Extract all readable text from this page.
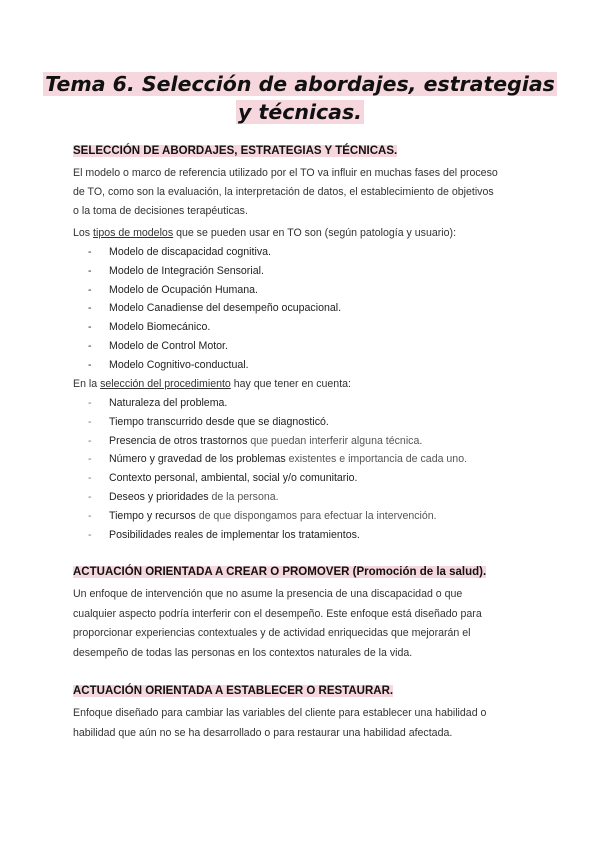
Tema 6. Selección de abordajes, estrategias
y técnicas.
SELECCIÓN DE ABORDAJES, ESTRATEGIAS Y TÉCNICAS.
El modelo o marco de referencia utilizado por el TO va influir en muchas fases del proceso
de TO, como son la evaluación, la interpretación de datos, el establecimiento de objetivos
o la toma de decisiones terapéuticas.
Los tipos de modelos que se pueden usar en TO son (según patología y usuario):
- Modelo de discapacidad cognitiva.
- Modelo de Integración Sensorial.
- Modelo de Ocupación Humana.
- Modelo Canadiense del desempeño ocupacional.
- Modelo Biomecánico.
- Modelo de Control Motor.
- Modelo Cognitivo-conductual.
En la selección del procedimiento hay que tener en cuenta:
- Naturaleza del problema.
- Tiempo transcurrido desde que se diagnosticó.
- Presencia de otros trastornos que puedan interferir alguna técnica.
- Número y gravedad de los problemas existentes e importancia de cada uno.
- Contexto personal, ambiental, social y/o comunitario.
- Deseos y prioridades de la persona.
- Tiempo y recursos de que dispongamos para efectuar la intervención.
- Posibilidades reales de implementar los tratamientos.
ACTUACIÓN ORIENTADA A CREAR O PROMOVER (Promoción de la salud).
Un enfoque de intervención que no asume la presencia de una discapacidad o que
cualquier aspecto podría interferir con el desempeño. Este enfoque está diseñado para
proporcionar experiencias contextuales y de actividad enriquecidas que mejorarán el
desempeño de todas las personas en los contextos naturales de la vida.
ACTUACIÓN ORIENTADA A ESTABLECER O RESTAURAR.
Enfoque diseñado para cambiar las variables del cliente para establecer una habilidad o
habilidad que aún no se ha desarrollado o para restaurar una habilidad afectada.
